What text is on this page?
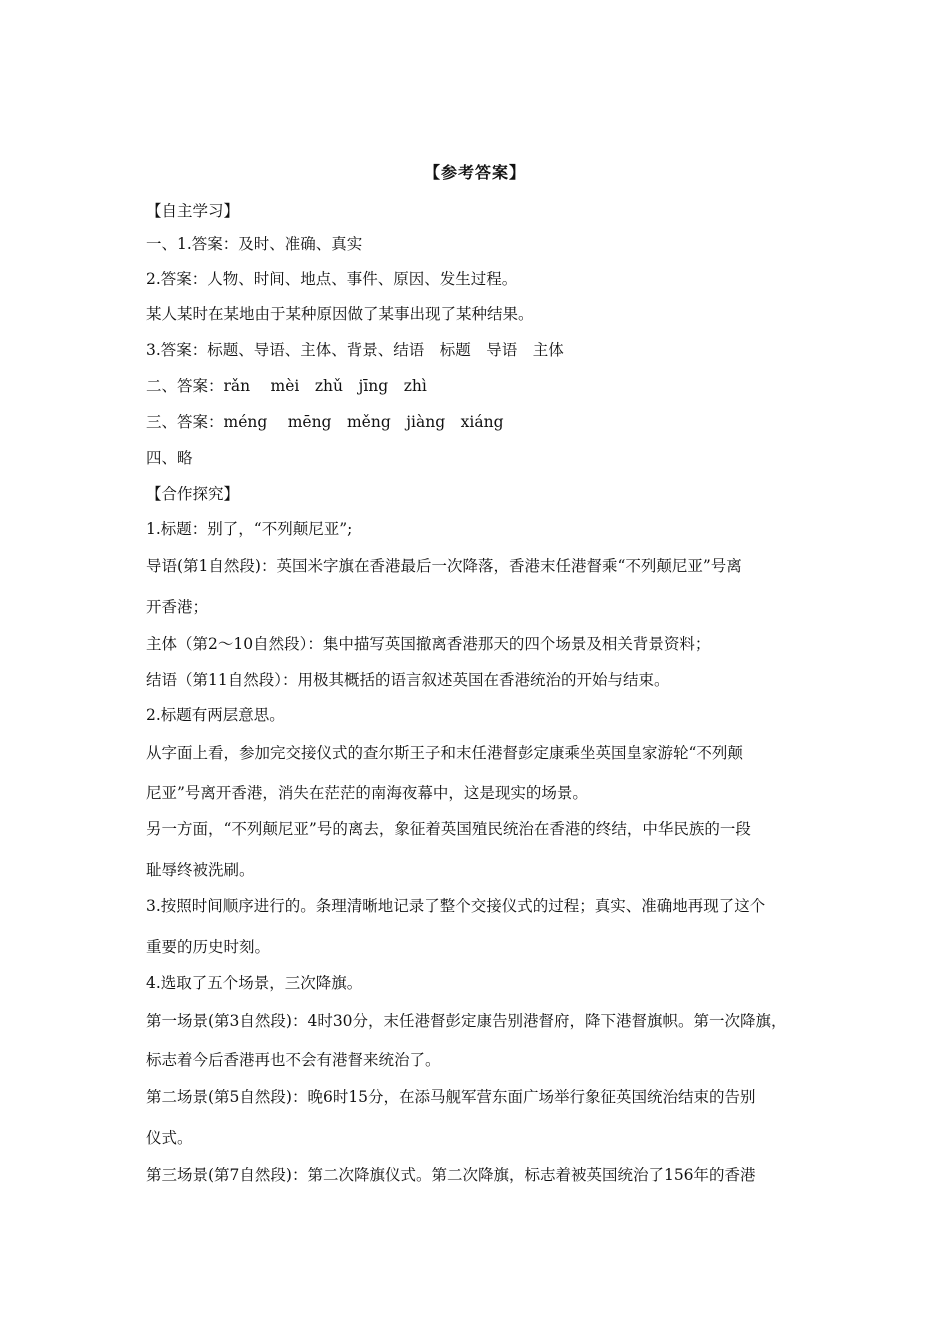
【参考答案】
【自主学习】
一、1.答案：及时、准确、真实
2.答案：人物、时间、地点、事件、原因、发生过程。
某人某时在某地由于某种原因做了某事出现了某种结果。
3.答案：标题、导语、主体、背景、结语　标题　导语　主体
二、答案：rǎn　 mèi　zhǔ　jīng　zhì
三、答案：méng　 mēng　měng　jiàng　xiáng
四、略
【合作探究】
1.标题：别了，“不列颠尼亚”;
导语(第1自然段)：英国米字旗在香港最后一次降落，香港末任港督乘“不列颠尼亚”号离
开香港；
主体（第2～10自然段）：集中描写英国撤离香港那天的四个场景及相关背景资料；
结语（第11自然段）：用极其概括的语言叙述英国在香港统治的开始与结束。
2.标题有两层意思。
从字面上看，参加完交接仪式的查尔斯王子和末任港督彭定康乘坐英国皇家游轮“不列颠
尼亚”号离开香港，消失在茫茫的南海夜幕中，这是现实的场景。
另一方面，“不列颠尼亚”号的离去，象征着英国殖民统治在香港的终结，中华民族的一段
耻辱终被洗刷。
3.按照时间顺序进行的。条理清晰地记录了整个交接仪式的过程；真实、准确地再现了这个
重要的历史时刻。
4.选取了五个场景，三次降旗。
第一场景(第3自然段)：4时30分，末任港督彭定康告别港督府，降下港督旗帜。第一次降旗，
标志着今后香港再也不会有港督来统治了。
第二场景(第5自然段)：晚6时15分，在添马舰军营东面广场举行象征英国统治结束的告别
仪式。
第三场景(第7自然段)：第二次降旗仪式。第二次降旗，标志着被英国统治了156年的香港
